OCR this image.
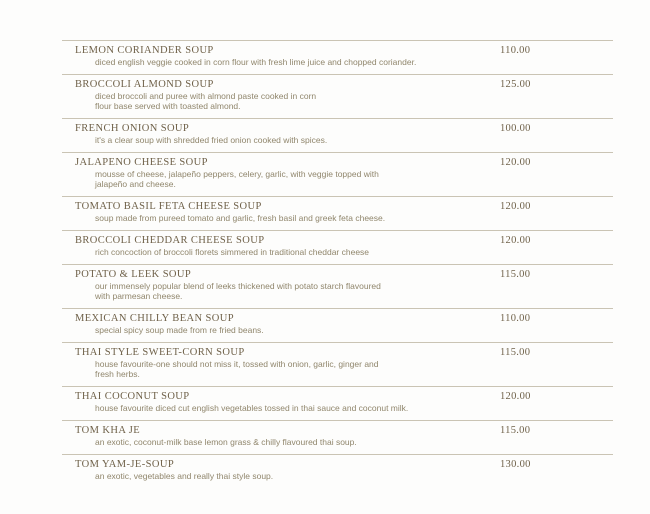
LEMON CORIANDER SOUP	110.00
diced english veggie cooked in corn flour with fresh lime juice and chopped coriander.
BROCCOLI ALMOND SOUP	125.00
diced broccoli and puree with almond paste cooked in corn
flour base served with toasted almond.
FRENCH ONION SOUP	100.00
it's a clear soup with shredded fried onion cooked with spices.
JALAPENO CHEESE SOUP	120.00
mousse of cheese, jalapeño peppers, celery, garlic, with veggie topped with
jalapeño and cheese.
TOMATO BASIL FETA CHEESE SOUP	120.00
soup made from pureed tomato and garlic, fresh basil and greek feta cheese.
BROCCOLI CHEDDAR CHEESE SOUP	120.00
rich concoction of broccoli florets simmered in traditional cheddar cheese
POTATO & LEEK SOUP	115.00
our immensely popular blend of leeks thickened with potato starch flavoured
with parmesan cheese.
MEXICAN CHILLY BEAN SOUP	110.00
special spicy soup made from re fried beans.
THAI STYLE SWEET-CORN SOUP	115.00
house favourite-one should not miss it, tossed with onion, garlic, ginger and
fresh herbs.
THAI COCONUT SOUP	120.00
house favourite diced cut english vegetables tossed in thai sauce and coconut milk.
TOM KHA JE	115.00
an exotic, coconut-milk base lemon grass & chilly flavoured thai soup.
TOM YAM-JE-SOUP	130.00
an exotic, vegetables and really thai style soup.
